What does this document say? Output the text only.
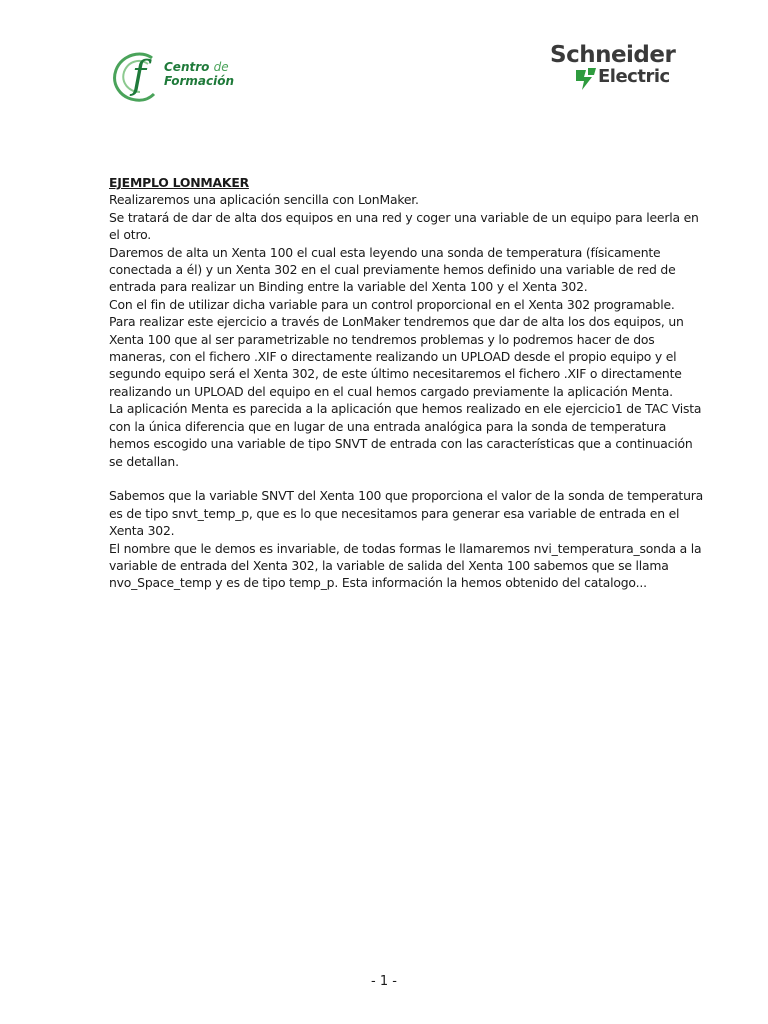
f	Centro de
Formación
Schneider
Electric

EJEMPLO LONMAKER

Realizaremos una aplicación sencilla con LonMaker.

Se tratará de dar de alta dos equipos en una red y coger una variable de un equipo para leerla en el otro.

Daremos de alta un Xenta 100 el cual esta leyendo una sonda de temperatura (físicamente conectada a él) y un Xenta 302 en el cual previamente hemos definido una variable de red de entrada para realizar un Binding entre la variable del Xenta 100 y el Xenta 302.

Con el fin de utilizar dicha variable para un control proporcional en el Xenta 302 programable.

Para realizar este ejercicio a través de LonMaker tendremos que dar de alta los dos equipos, un Xenta 100 que al ser parametrizable no tendremos problemas y lo podremos hacer de dos maneras, con el fichero .XIF o directamente realizando un UPLOAD desde el propio equipo y el segundo equipo será el Xenta 302, de este último necesitaremos el fichero .XIF o directamente realizando un UPLOAD del equipo en el cual hemos cargado previamente la aplicación Menta.

La aplicación Menta es parecida a la aplicación que hemos realizado en ele ejercicio1 de TAC Vista con la única diferencia que en lugar de una entrada analógica para la sonda de temperatura hemos escogido una variable de tipo SNVT de entrada con las características que a continuación se detallan.

Sabemos que la variable SNVT del Xenta 100 que proporciona el valor de la sonda de temperatura es de tipo snvt_temp_p, que es lo que necesitamos para generar esa variable de entrada en el Xenta 302.

El nombre que le demos es invariable, de todas formas le llamaremos nvi_temperatura_sonda a la variable de entrada del Xenta 302, la variable de salida del Xenta 100 sabemos que se llama nvo_Space_temp y es de tipo temp_p. Esta información la hemos obtenido del catalogo...

- 1 -
